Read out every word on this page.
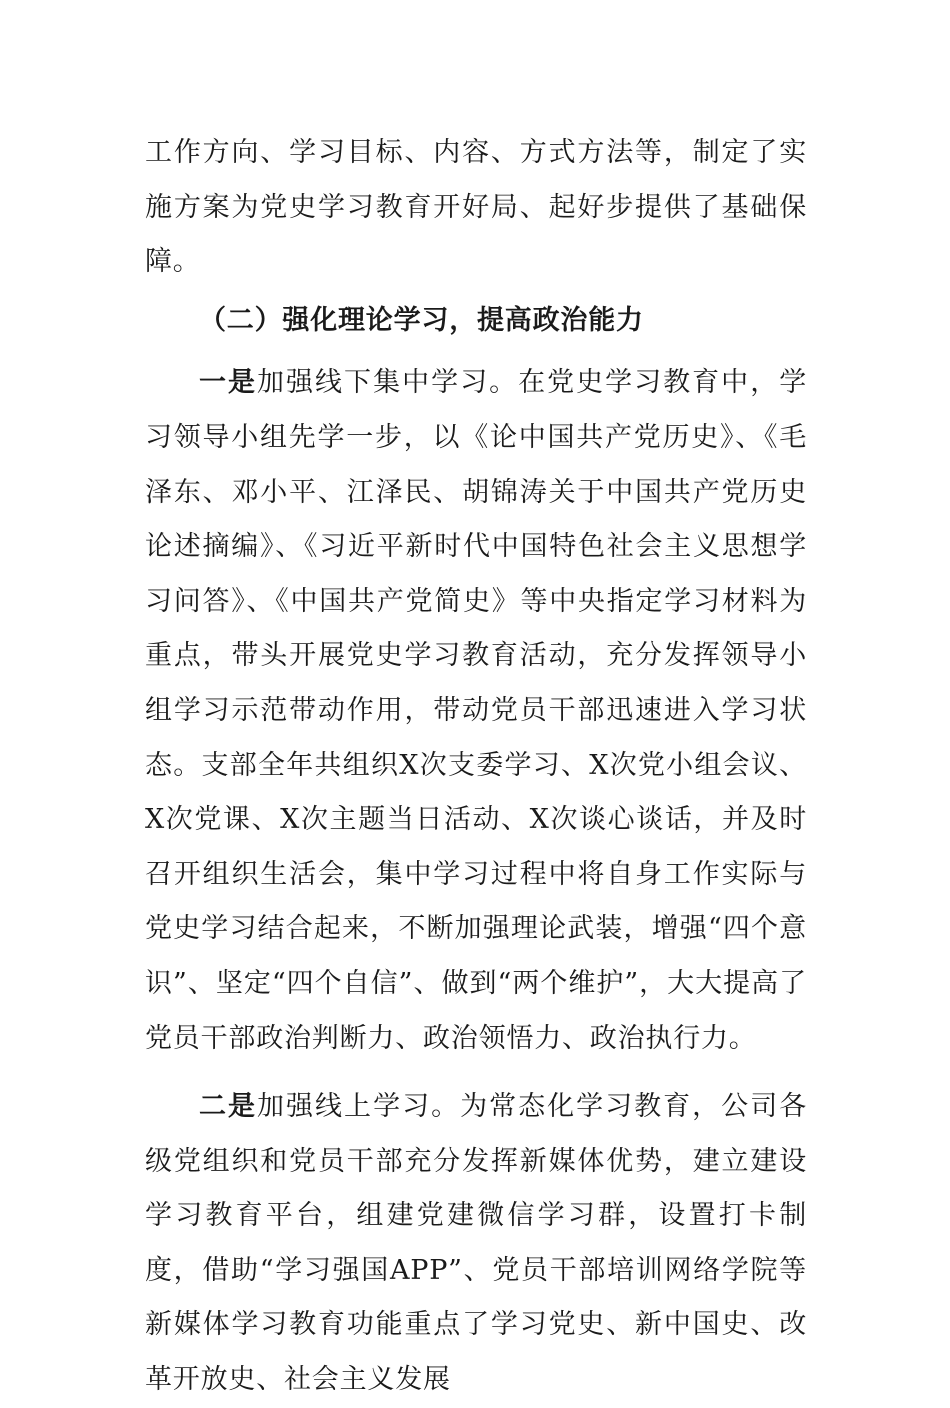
工作方向、学习目标、内容、方式方法等，制定了实施方案为党史学习教育开好局、起好步提供了基础保障。

（二）强化理论学习，提高政治能力

一是加强线下集中学习。在党史学习教育中，学习领导小组先学一步，以《论中国共产党历史》、《毛泽东、邓小平、江泽民、胡锦涛关于中国共产党历史论述摘编》、《习近平新时代中国特色社会主义思想学习问答》、《中国共产党简史》等中央指定学习材料为重点，带头开展党史学习教育活动，充分发挥领导小组学习示范带动作用，带动党员干部迅速进入学习状态。支部全年共组织X次支委学习、X次党小组会议、X次党课、X次主题当日活动、X次谈心谈话，并及时召开组织生活会，集中学习过程中将自身工作实际与党史学习结合起来，不断加强理论武装，增强“四个意识”、坚定“四个自信”、做到“两个维护”，大大提高了党员干部政治判断力、政治领悟力、政治执行力。

二是加强线上学习。为常态化学习教育，公司各级党组织和党员干部充分发挥新媒体优势，建立建设学习教育平台，组建党建微信学习群，设置打卡制度，借助“学习强国APP”、党员干部培训网络学院等新媒体学习教育功能重点了学习党史、新中国史、改革开放史、社会主义发展
